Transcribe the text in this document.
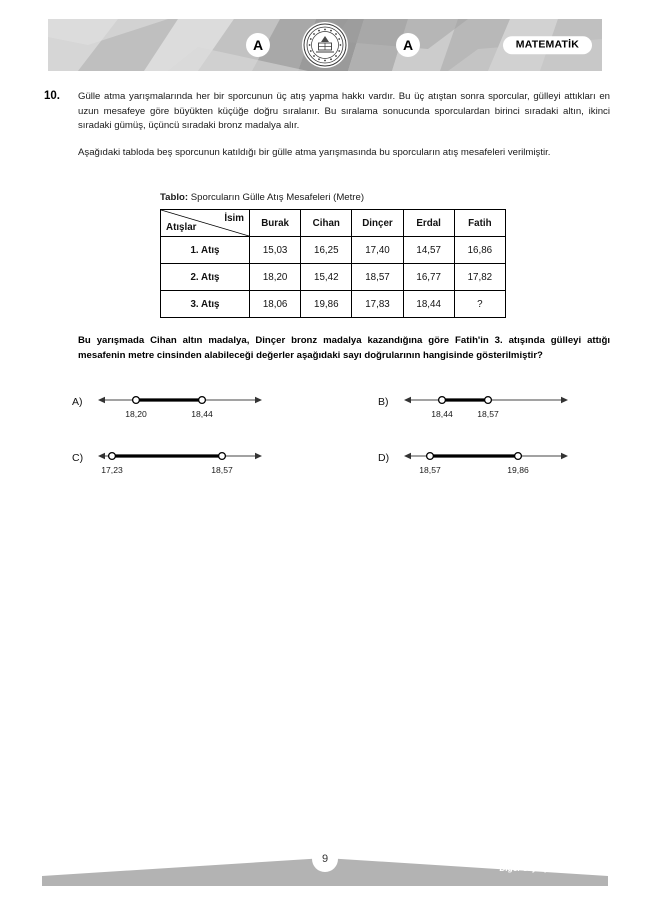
A	A	MATEMATİK
10.	Gülle atma yarışmalarında her bir sporcunun üç atış yapma hakkı vardır. Bu üç atıştan sonra sporcular, gülleyi attıkları en uzun mesafeye göre büyükten küçüğe doğru sıralanır. Bu sıralama sonucunda sporculardan birinci sıradaki altın, ikinci sıradaki gümüş, üçüncü sıradaki bronz madalya alır.

Aşağıdaki tabloda beş sporcunun katıldığı bir gülle atma yarışmasında bu sporcuların atış mesafeleri verilmiştir.

Tablo: Sporcuların Gülle Atış Mesafeleri (Metre)
İsim
Atışlar	Burak	Cihan	Dinçer	Erdal	Fatih
1. Atış	15,03	16,25	17,40	14,57	16,86
2. Atış	18,20	15,42	18,57	16,77	17,82
3. Atış	18,06	19,86	17,83	18,44	?

Bu yarışmada Cihan altın madalya, Dinçer bronz madalya kazandığına göre Fatih'in 3. atışında gülleyi attığı mesafenin metre cinsinden alabileceği değerler aşağıdaki sayı doğrularının hangisinde gösterilmiştir?

A)
18,20	18,44
B)
18,44	18,57
C)
17,23	18,57
D)
18,57	19,86
9
Diğer sayfaya geçiniz.
